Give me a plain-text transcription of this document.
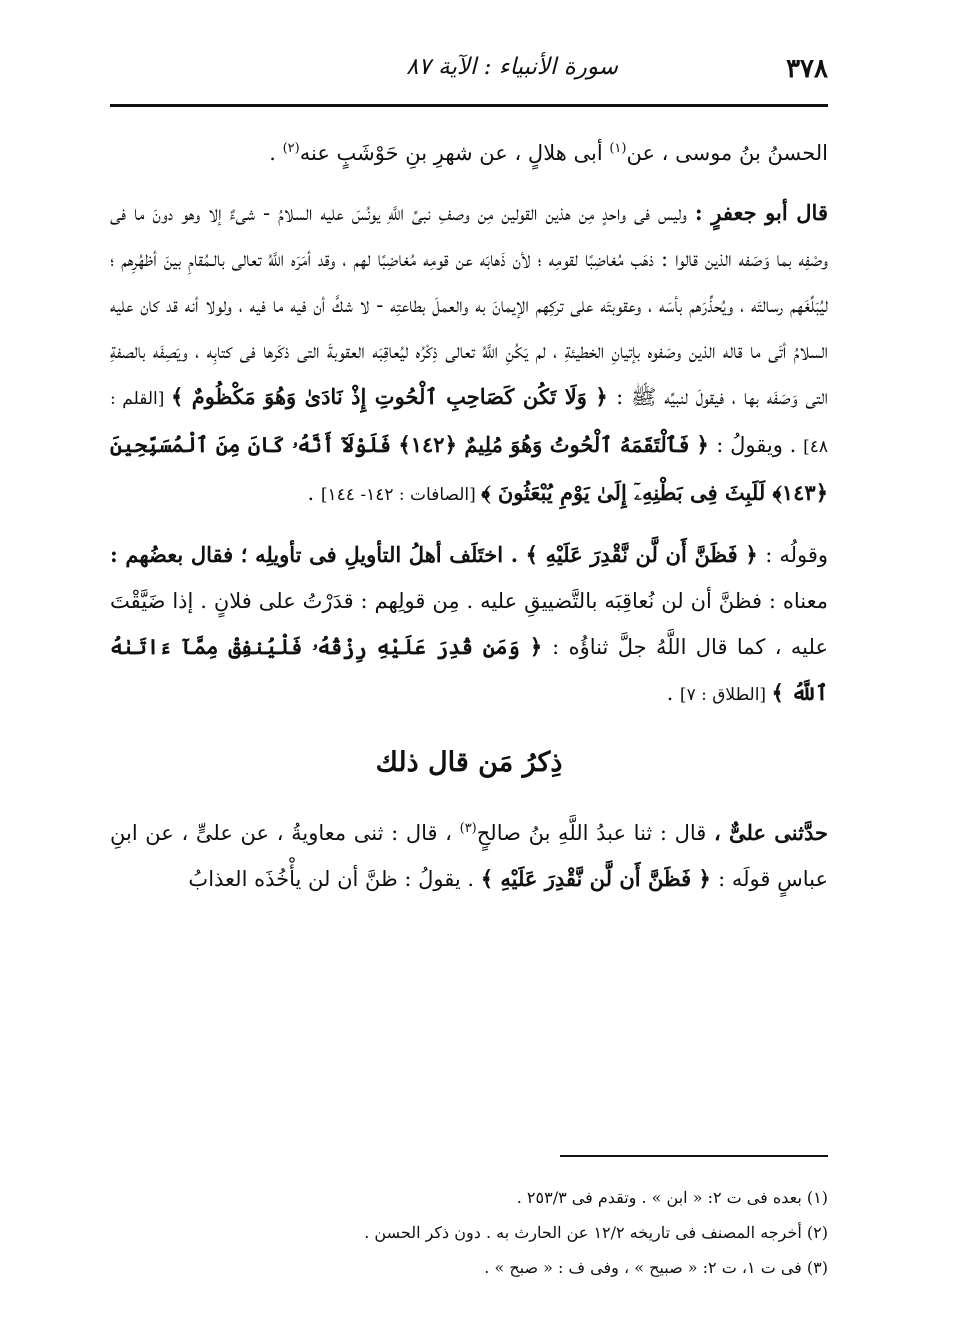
٣٧٨
سورة الأنبياء : الآية ٨٧

الحسنُ بنُ موسى ، عن$^{(١)}$ أبى هلالٍ ، عن شهرِ بنِ حَوْشَبٍ عنه$^{(٢)}$ .

قال أبو جعفرٍ : وليس فى واحدٍ مِن هذين القولين مِن وصفِ نبىِّ اللَّهِ يونُسَ عليه السلامُ - شىءٌ إلا وهو دونَ ما فى وصْفِه بما وَصَفه الذين قالوا : ذهَب مُغاضِبًا لقومِه ؛ لأن ذَهابَه عن قومِه مُغاضِبًا لهم ، وقد أمَرَه اللَّهُ تعالى بالـمُقامِ بينَ أظهُرِهم ؛ ليُبَلِّغَهم رسالتَه ، ويُحذِّرَهم بأسَه ، وعقوبتَه على تركِهم الإيمانَ به والعملَ بطاعتِه - لا شكَّ أن فيه ما فيه ، ولولا أنه قد كان عليه السلامُ أتَى ما قاله الذين وصَفوه بإتيانِ الخطيئةِ ، لم يَكُنِ اللَّهُ تعالى ذِكْرُه ليُعاقِبَه العقوبةَ التى ذكَرها فى كتابِه ، ويَصِفَه بالصفةِ التى وَصَفَه بها ، فيقولَ لنبيِّه ﷺ : ﴿ وَلَا تَكُن كَصَاحِبِ ٱلْحُوتِ إِذْ نَادَىٰ وَهُوَ مَكْظُومٌ ﴾ [القلم : ٤٨] . ويقولُ : ﴿ فَٱلْتَقَمَهُ ٱلْحُوتُ وَهُوَ مُلِيمٌ ﴿١٤٢﴾ فَلَوْلَآ أَنَّهُۥ كَانَ مِنَ ٱلْمُسَبِّحِينَ ﴿١٤٣﴾ لَلَبِثَ فِى بَطْنِهِۦٓ إِلَىٰ يَوْمِ يُبْعَثُونَ ﴾ [الصافات : ١٤٢- ١٤٤] .

وقولُه : ﴿ فَظَنَّ أَن لَّن نَّقْدِرَ عَلَيْهِ ﴾ . اختَلَف أهلُ التأويلِ فى تأويلِه ؛ فقال بعضُهم : معناه : فظنَّ أن لن نُعاقِبَه بالتَّضييقِ عليه . مِن قولِهم : قدَرْتُ على فلانٍ . إذا ضَيَّقْتَ عليه ، كما قال اللَّهُ جلَّ ثناؤُه : ﴿ وَمَن قُدِرَ عَلَيْهِ رِزْقُهُۥ فَلْيُنفِقْ مِمَّآ ءَاتَىٰهُ ٱللَّهُ ﴾ [الطلاق : ٧] .

ذِكرُ مَن قال ذلك

حدَّثنى علىٌّ ، قال : ثنا عبدُ اللَّهِ بنُ صالحٍ$^{(٣)}$ ، قال : ثنى معاويةُ ، عن علىٍّ ، عن ابنِ عباسٍ قولَه : ﴿ فَظَنَّ أَن لَّن نَّقْدِرَ عَلَيْهِ ﴾ . يقولُ : ظنَّ أن لن يأْخُذَه العذابُ

(١) بعده فى ت ٢: « ابن » . وتقدم فى ٢٥٣/٣ .

(٢) أخرجه المصنف فى تاريخه ١٢/٢ عن الحارث به . دون ذكر الحسن .

(٣) فى ت ١، ت ٢: « صبيح » ، وفى ف : « صبح » .
